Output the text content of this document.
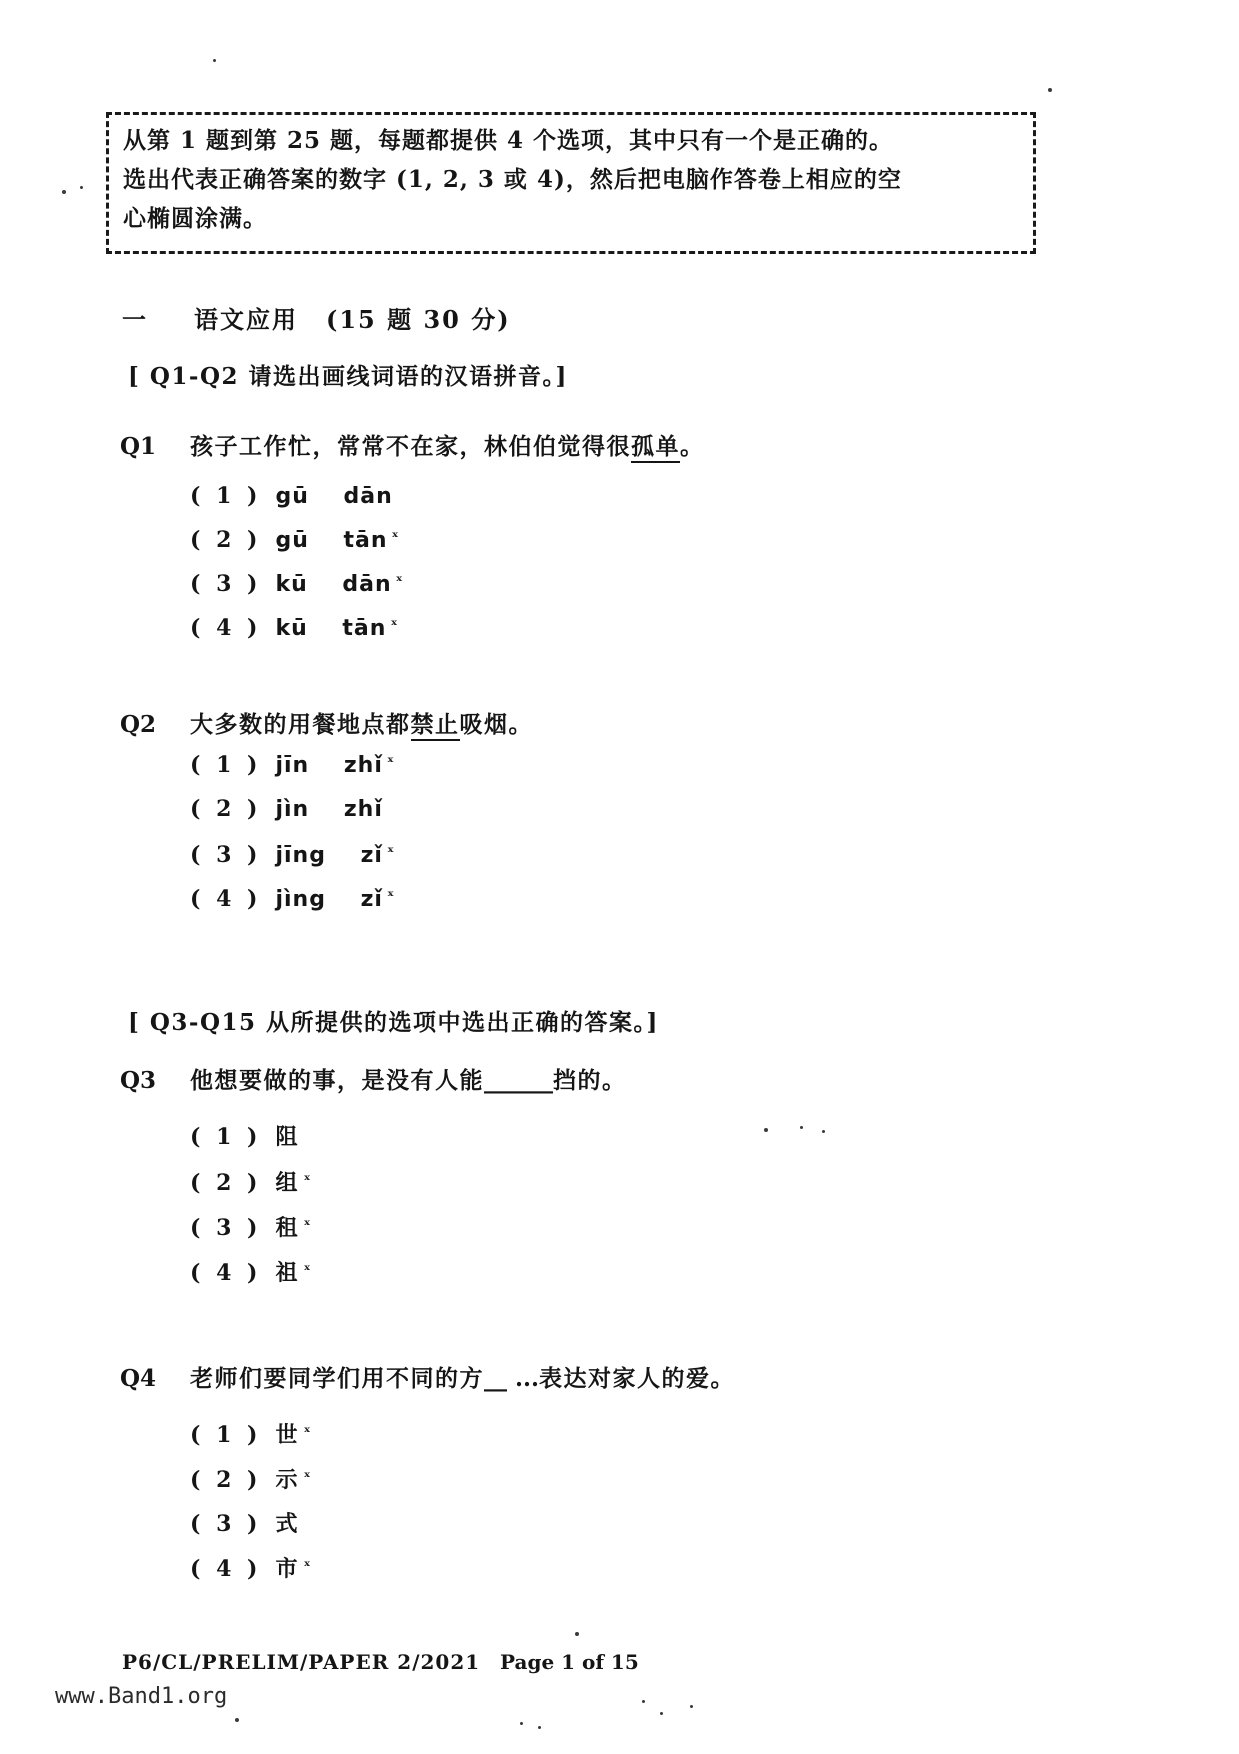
从第 1 题到第 25 题，每题都提供 4 个选项，其中只有一个是正确的。
选出代表正确答案的数字 (1, 2, 3 或 4)，然后把电脑作答卷上相应的空
心椭圆涂满。
一 语文应用 (15 题 30 分)
[ Q1-Q2 请选出画线词语的汉语拼音。]
Q1 孩子工作忙，常常不在家，林伯伯觉得很孤单。
( 1 ) gū dān
( 2 ) gū tān $^ˣ$
( 3 ) kū dān $^ˣ$
( 4 ) kū tān $^ˣ$
Q2 大多数的用餐地点都禁止吸烟。
( 1 ) jīn zhǐ $^ˣ$
( 2 ) jìn zhǐ
( 3 ) jīng zǐ $^ˣ$
( 4 ) jìng zǐ $^ˣ$
[ Q3-Q15 从所提供的选项中选出正确的答案。]
Q3 他想要做的事，是没有人能______挡的。
( 1 ) 阻
( 2 ) 组 $^ˣ$
( 3 ) 租 $^ˣ$
( 4 ) 祖 $^ˣ$
Q4 老师们要同学们用不同的方__ ...表达对家人的爱。
( 1 ) 世 $^ˣ$
( 2 ) 示 $^ˣ$
( 3 ) 式
( 4 ) 市 $^ˣ$
P6/CL/PRELIM/PAPER 2/2021 Page 1 of 15
www.Band1.org
